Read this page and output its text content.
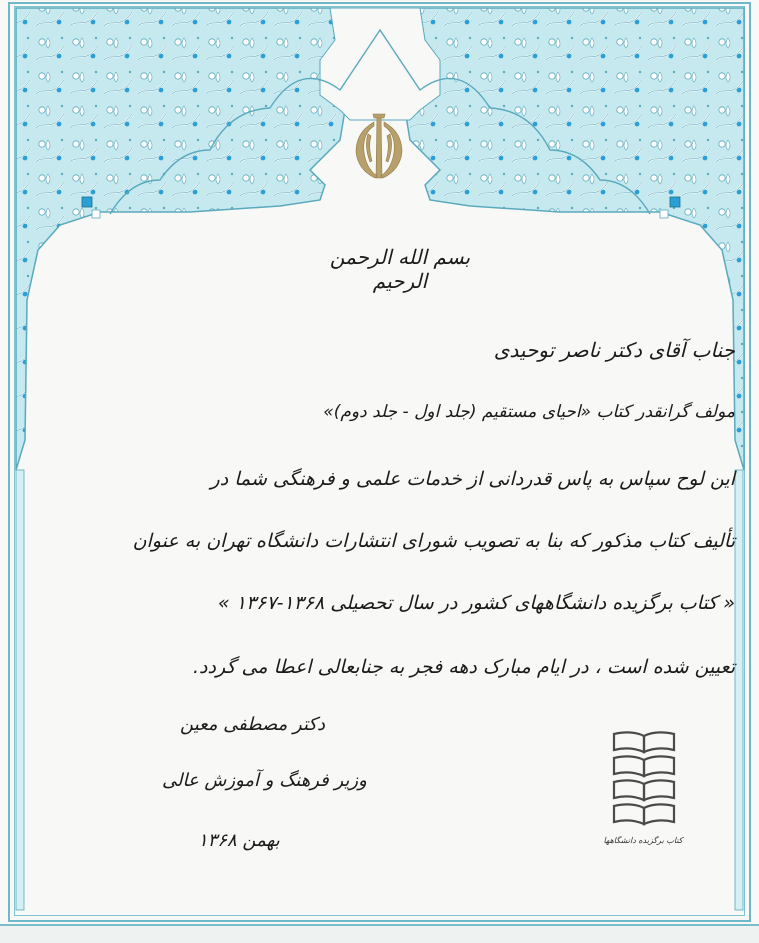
بسم الله الرحمن الرحیم
جناب آقای دکتر ناصر توحیدی
مولف گرانقدر کتاب «احیای مستقیم (جلد اول - جلد دوم)»
این لوح سپاس به پاس قدردانی از خدمات علمی و فرهنگی شما در
تألیف کتاب مذکور که بنا به تصویب شورای انتشارات دانشگاه تهران به عنوان
« کتاب برگزیده دانشگاههای کشور در سال تحصیلی ۱۳۶۸-۱۳۶۷ »
تعیین شده است ، در ایام مبارک دهه فجر به جنابعالی اعطا می گردد.
دکتر مصطفی معین
وزیر فرهنگ و آموزش عالی
بهمن ۱۳۶۸	کتاب برگزیده دانشگاهها
